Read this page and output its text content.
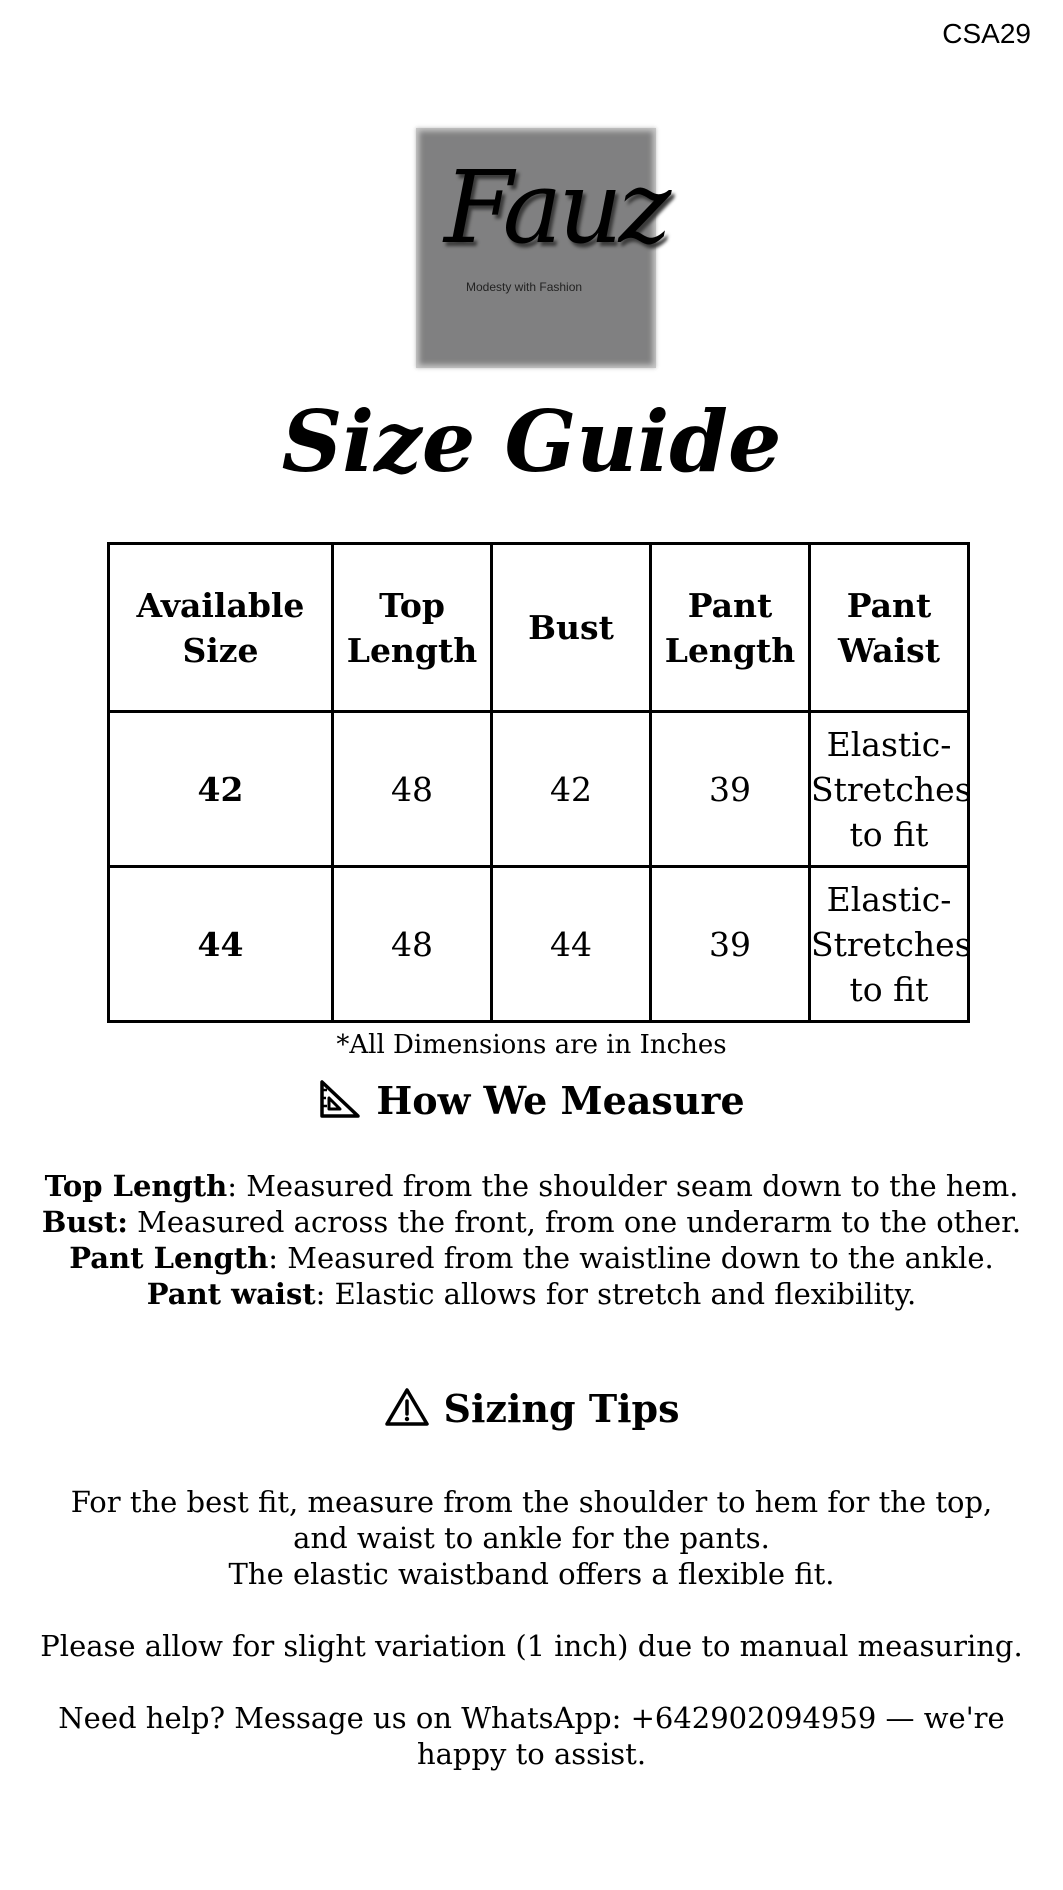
CSA29
Fauz
Modesty with Fashion
Size Guide
Available Size	Top Length	Bust	Pant Length	Pant Waist
42	48	42	39	Elastic-Stretches to fit
44	48	44	39	Elastic-Stretches to fit
*All Dimensions are in Inches
How We Measure
Top Length: Measured from the shoulder seam down to the hem.
Bust: Measured across the front, from one underarm to the other.
Pant Length: Measured from the waistline down to the ankle.
Pant waist: Elastic allows for stretch and flexibility.
Sizing Tips

For the best fit, measure from the shoulder to hem for the top, and waist to ankle for the pants.

The elastic waistband offers a flexible fit.

Please allow for slight variation (1 inch) due to manual measuring.

Need help? Message us on WhatsApp: +642902094959 — we're happy to assist.
